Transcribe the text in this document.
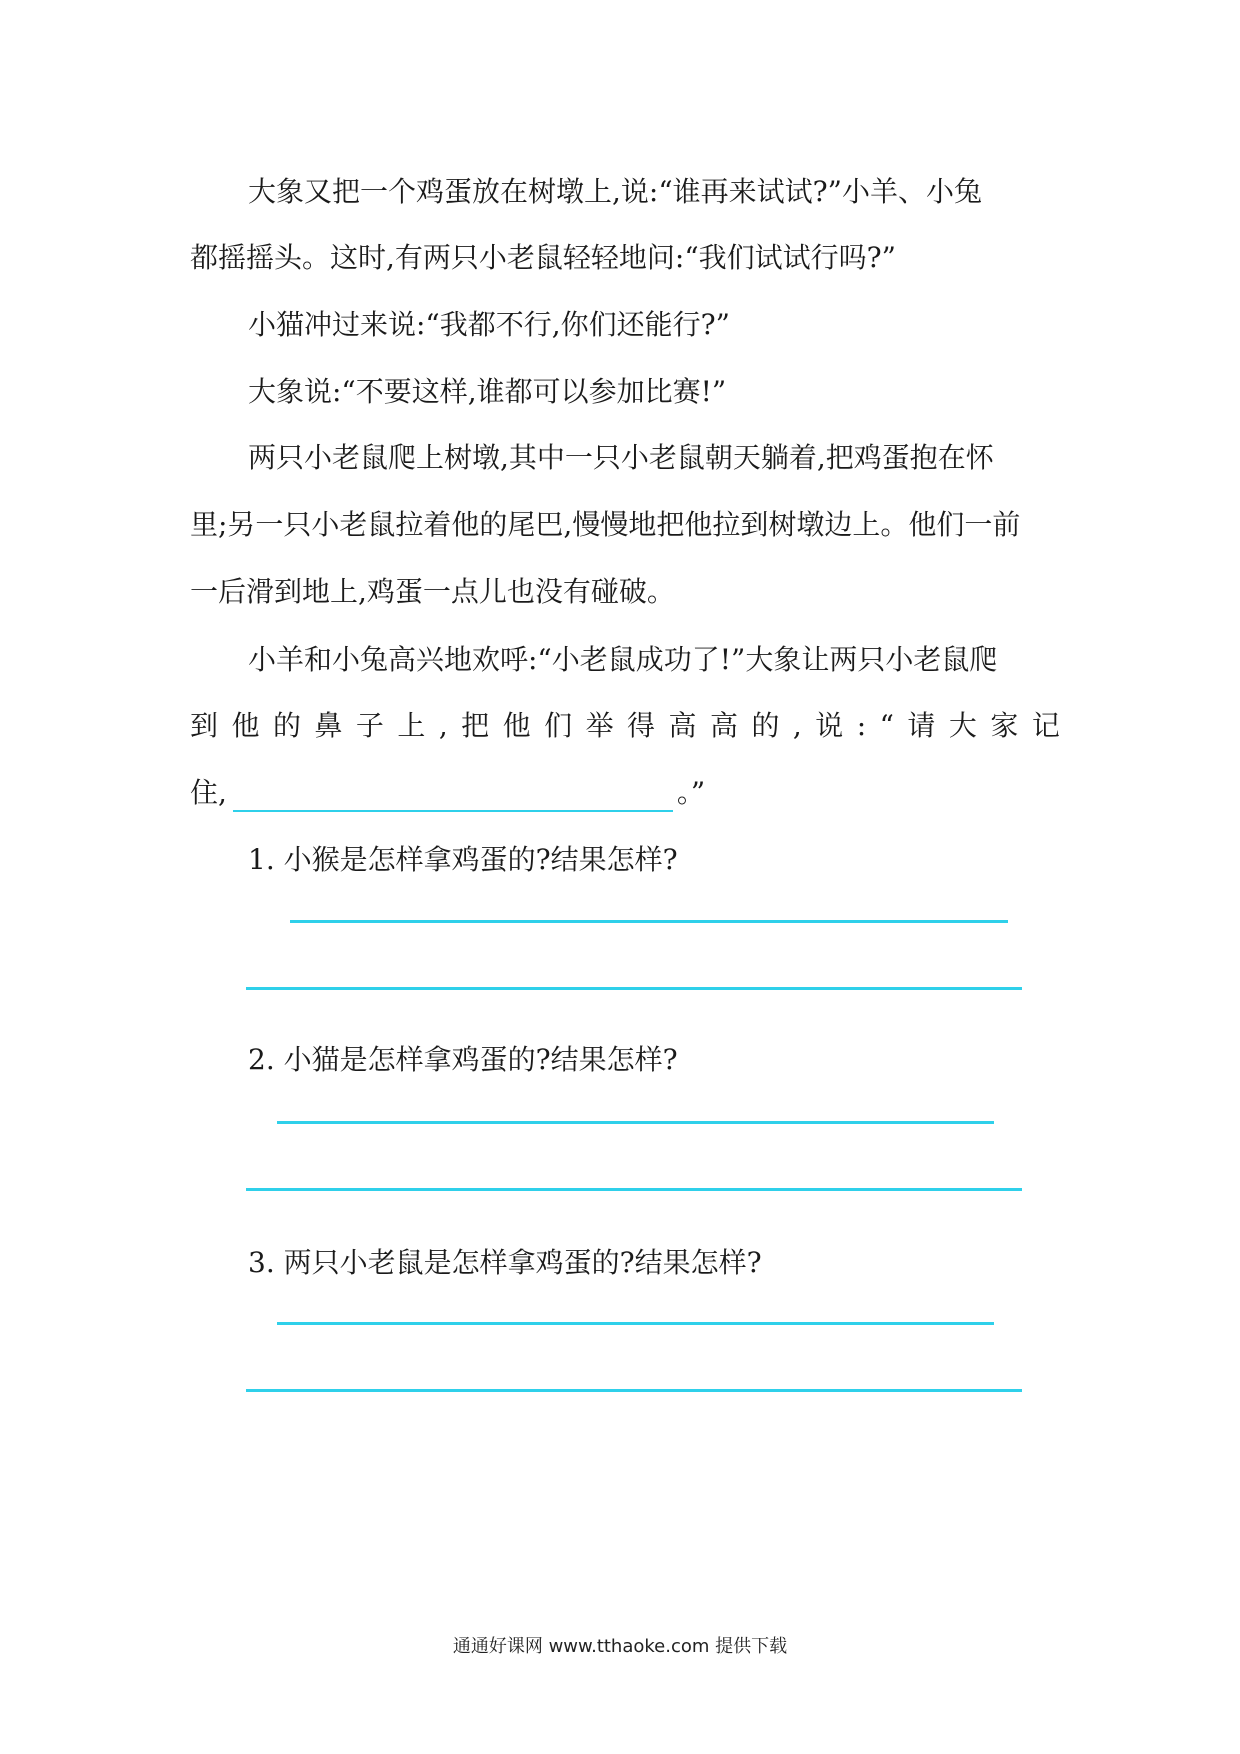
大象又把一个鸡蛋放在树墩上,说:“谁再来试试?”小羊、小兔
都摇摇头。这时,有两只小老鼠轻轻地问:“我们试试行吗?”
小猫冲过来说:“我都不行,你们还能行?”
大象说:“不要这样,谁都可以参加比赛!”
两只小老鼠爬上树墩,其中一只小老鼠朝天躺着,把鸡蛋抱在怀
里;另一只小老鼠拉着他的尾巴,慢慢地把他拉到树墩边上。他们一前
一后滑到地上,鸡蛋一点儿也没有碰破。
小羊和小兔高兴地欢呼:“小老鼠成功了!”大象让两只小老鼠爬
到 他 的 鼻 子 上 , 把 他 们 举 得 高 高 的 , 说 : “ 请 大 家 记
住,	。”
1. 小猴是怎样拿鸡蛋的?结果怎样?
2. 小猫是怎样拿鸡蛋的?结果怎样?
3. 两只小老鼠是怎样拿鸡蛋的?结果怎样?
通通好课网 www.tthaoke.com 提供下载
